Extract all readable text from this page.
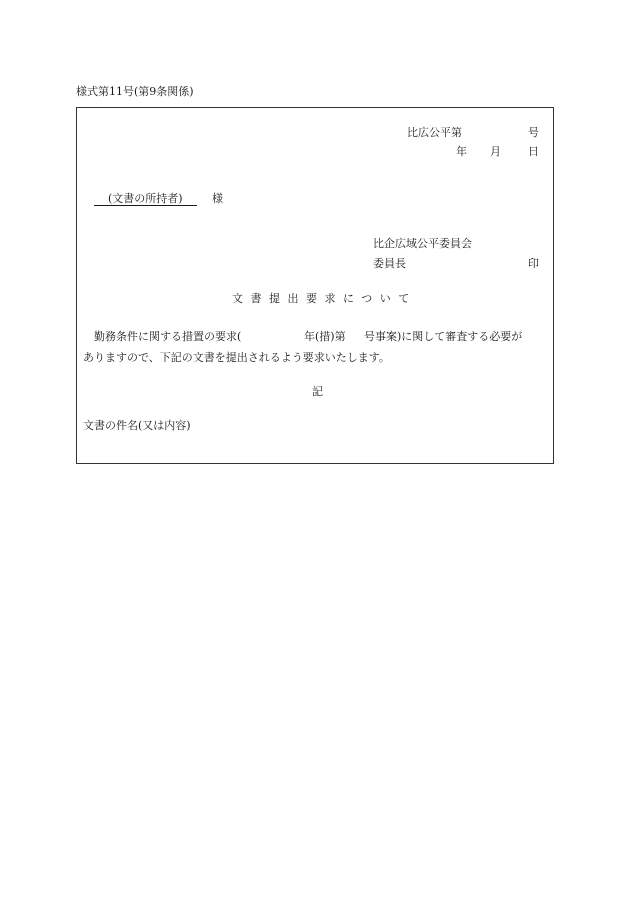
様式第11号(第9条関係)
比広公平第	号
年 月 日
(文書の所持者)	様
比企広域公平委員会
委員長	印
文書提出要求について
勤務条件に関する措置の要求(	年(措)第 号事案)に関して審査する必要が
ありますので、下記の文書を提出されるよう要求いたします。
記
文書の件名(又は内容)
